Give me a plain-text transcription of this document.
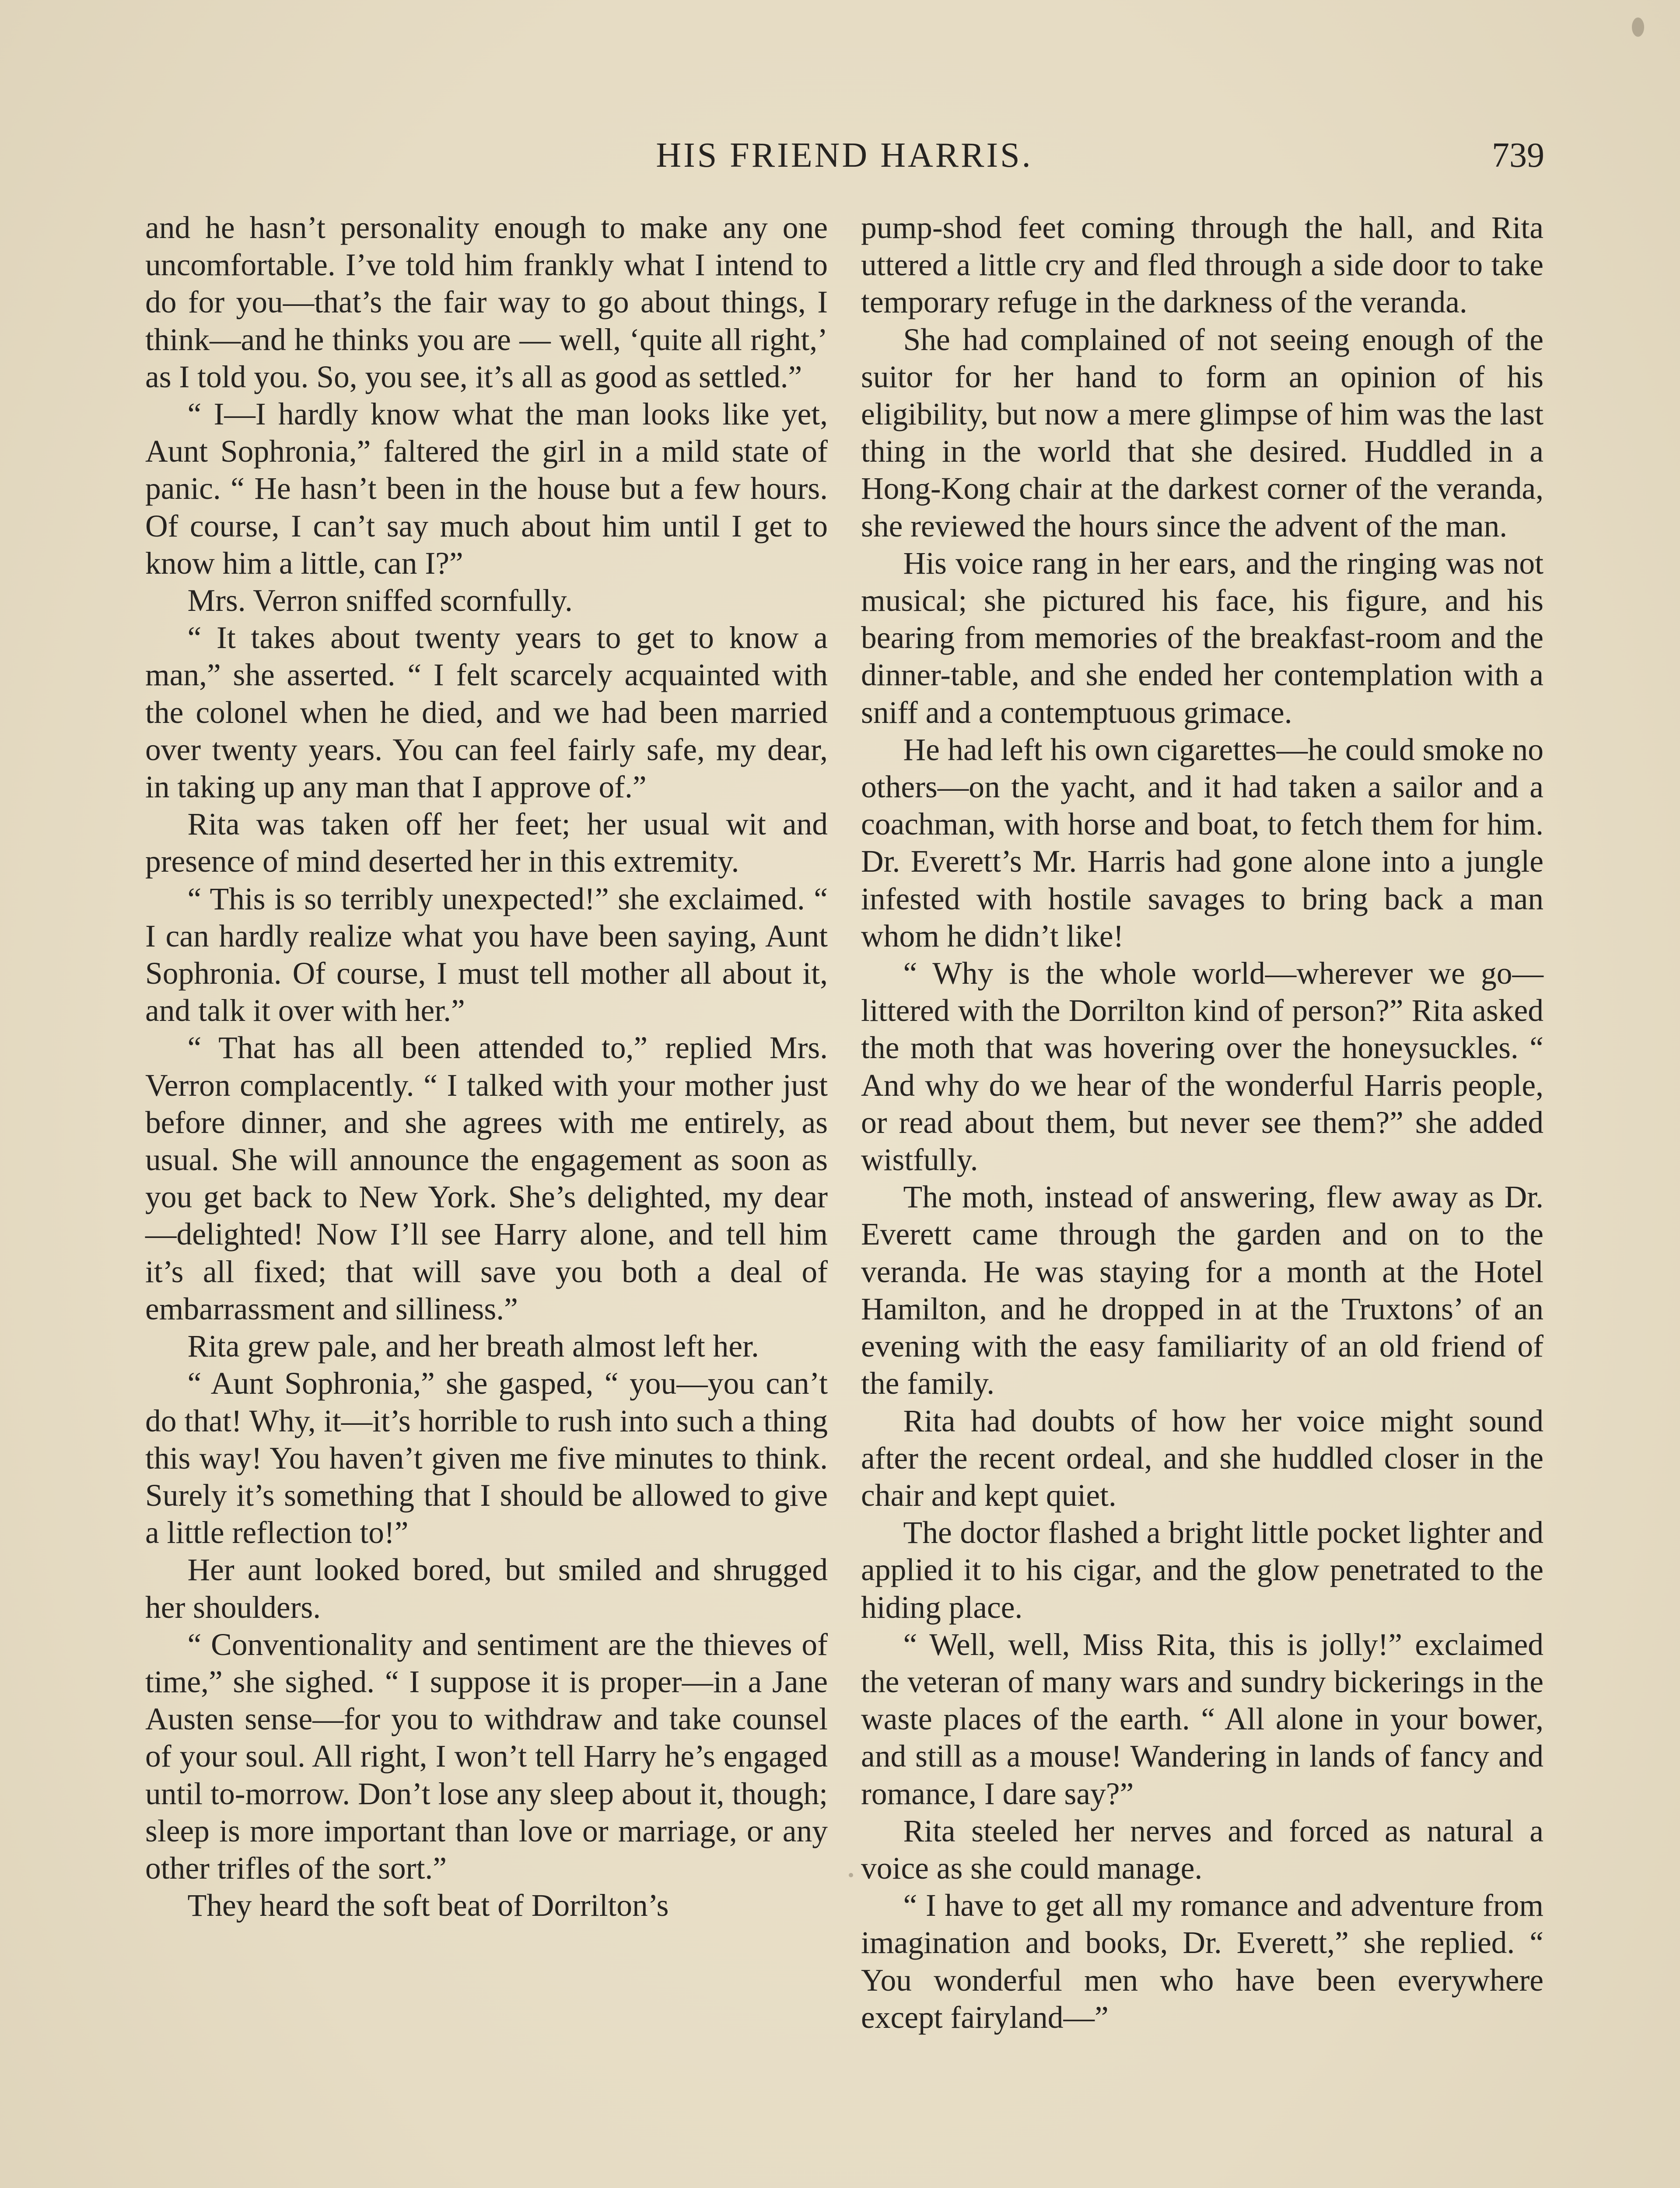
HIS FRIEND HARRIS.	739

and he hasn’t personality enough to make any one uncomfortable. I’ve told him frankly what I intend to do for you—that’s the fair way to go about things, I think—and he thinks you are — well, ‘quite all right,’ as I told you. So, you see, it’s all as good as settled.”

“ I—I hardly know what the man looks like yet, Aunt Sophronia,” faltered the girl in a mild state of panic. “ He hasn’t been in the house but a few hours. Of course, I can’t say much about him until I get to know him a little, can I?”

Mrs. Verron sniffed scornfully.

“ It takes about twenty years to get to know a man,” she asserted. “ I felt scarcely acquainted with the colonel when he died, and we had been married over twenty years. You can feel fairly safe, my dear, in taking up any man that I approve of.”

Rita was taken off her feet; her usual wit and presence of mind deserted her in this extremity.

“ This is so terribly unexpected!” she exclaimed. “ I can hardly realize what you have been saying, Aunt Sophronia. Of course, I must tell mother all about it, and talk it over with her.”

“ That has all been attended to,” replied Mrs. Verron complacently. “ I talked with your mother just before dinner, and she agrees with me entirely, as usual. She will announce the engagement as soon as you get back to New York. She’s delighted, my dear—delighted! Now I’ll see Harry alone, and tell him it’s all fixed; that will save you both a deal of embarrassment and silliness.”

Rita grew pale, and her breath almost left her.

“ Aunt Sophronia,” she gasped, “ you—you can’t do that! Why, it—it’s horrible to rush into such a thing this way! You haven’t given me five minutes to think. Surely it’s something that I should be allowed to give a little reflection to!”

Her aunt looked bored, but smiled and shrugged her shoulders.

“ Conventionality and sentiment are the thieves of time,” she sighed. “ I suppose it is proper—in a Jane Austen sense—for you to withdraw and take counsel of your soul. All right, I won’t tell Harry he’s engaged until to-morrow. Don’t lose any sleep about it, though; sleep is more important than love or marriage, or any other trifles of the sort.”

They heard the soft beat of Dorrilton’s

pump-shod feet coming through the hall, and Rita uttered a little cry and fled through a side door to take temporary refuge in the darkness of the veranda.

She had complained of not seeing enough of the suitor for her hand to form an opinion of his eligibility, but now a mere glimpse of him was the last thing in the world that she desired. Huddled in a Hong-Kong chair at the darkest corner of the veranda, she reviewed the hours since the advent of the man.

His voice rang in her ears, and the ringing was not musical; she pictured his face, his figure, and his bearing from memories of the breakfast-room and the dinner-table, and she ended her contemplation with a sniff and a contemptuous grimace.

He had left his own cigarettes—he could smoke no others—on the yacht, and it had taken a sailor and a coachman, with horse and boat, to fetch them for him. Dr. Everett’s Mr. Harris had gone alone into a jungle infested with hostile savages to bring back a man whom he didn’t like!

“ Why is the whole world—wherever we go—littered with the Dorrilton kind of person?” Rita asked the moth that was hovering over the honeysuckles. “ And why do we hear of the wonderful Harris people, or read about them, but never see them?” she added wistfully.

The moth, instead of answering, flew away as Dr. Everett came through the garden and on to the veranda. He was staying for a month at the Hotel Hamilton, and he dropped in at the Truxtons’ of an evening with the easy familiarity of an old friend of the family.

Rita had doubts of how her voice might sound after the recent ordeal, and she huddled closer in the chair and kept quiet.

The doctor flashed a bright little pocket lighter and applied it to his cigar, and the glow penetrated to the hiding place.

“ Well, well, Miss Rita, this is jolly!” exclaimed the veteran of many wars and sundry bickerings in the waste places of the earth. “ All alone in your bower, and still as a mouse! Wandering in lands of fancy and romance, I dare say?”

Rita steeled her nerves and forced as natural a voice as she could manage.

“ I have to get all my romance and adventure from imagination and books, Dr. Everett,” she replied. “ You wonderful men who have been everywhere except fairyland—”
